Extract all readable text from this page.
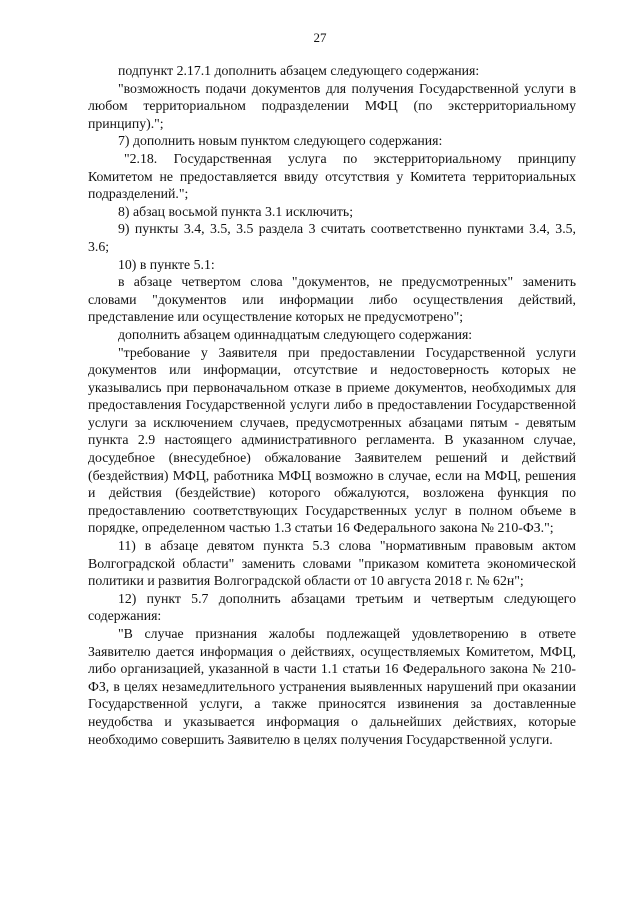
27

подпункт 2.17.1 дополнить абзацем следующего содержания:

"возможность подачи документов для получения Государственной услуги в любом территориальном подразделении МФЦ (по экстерриториальному принципу).";

7) дополнить новым пунктом следующего содержания:

"2.18. Государственная услуга по экстерриториальному принципу Комитетом не предоставляется ввиду отсутствия у Комитета территориальных подразделений.";

8) абзац восьмой пункта 3.1 исключить;

9) пункты 3.4, 3.5, 3.5 раздела 3 считать соответственно пунктами 3.4, 3.5, 3.6;

10) в пункте 5.1:

в абзаце четвертом слова "документов, не предусмотренных" заменить словами "документов или информации либо осуществления действий, представление или осуществление которых не предусмотрено";

дополнить абзацем одиннадцатым следующего содержания:

"требование у Заявителя при предоставлении Государственной услуги документов или информации, отсутствие и недостоверность которых не указывались при первоначальном отказе в приеме документов, необходимых для предоставления Государственной услуги либо в предоставлении Государственной услуги за исключением случаев, предусмотренных абзацами пятым - девятым пункта 2.9 настоящего административного регламента. В указанном случае, досудебное (внесудебное) обжалование Заявителем решений и действий (бездействия) МФЦ, работника МФЦ возможно в случае, если на МФЦ, решения и действия (бездействие) которого обжалуются, возложена функция по предоставлению соответствующих Государственных услуг в полном объеме в порядке, определенном частью 1.3 статьи 16 Федерального закона № 210-ФЗ.";

11) в абзаце девятом пункта 5.3 слова "нормативным правовым актом Волгоградской области" заменить словами "приказом комитета экономической политики и развития Волгоградской области от 10 августа 2018 г. № 62н";

12) пункт 5.7 дополнить абзацами третьим и четвертым следующего содержания:

"В случае признания жалобы подлежащей удовлетворению в ответе Заявителю дается информация о действиях, осуществляемых Комитетом, МФЦ, либо организацией, указанной в части 1.1 статьи 16 Федерального закона № 210-ФЗ, в целях незамедлительного устранения выявленных нарушений при оказании Государственной услуги, а также приносятся извинения за доставленные неудобства и указывается информация о дальнейших действиях, которые необходимо совершить Заявителю в целях получения Государственной услуги.
